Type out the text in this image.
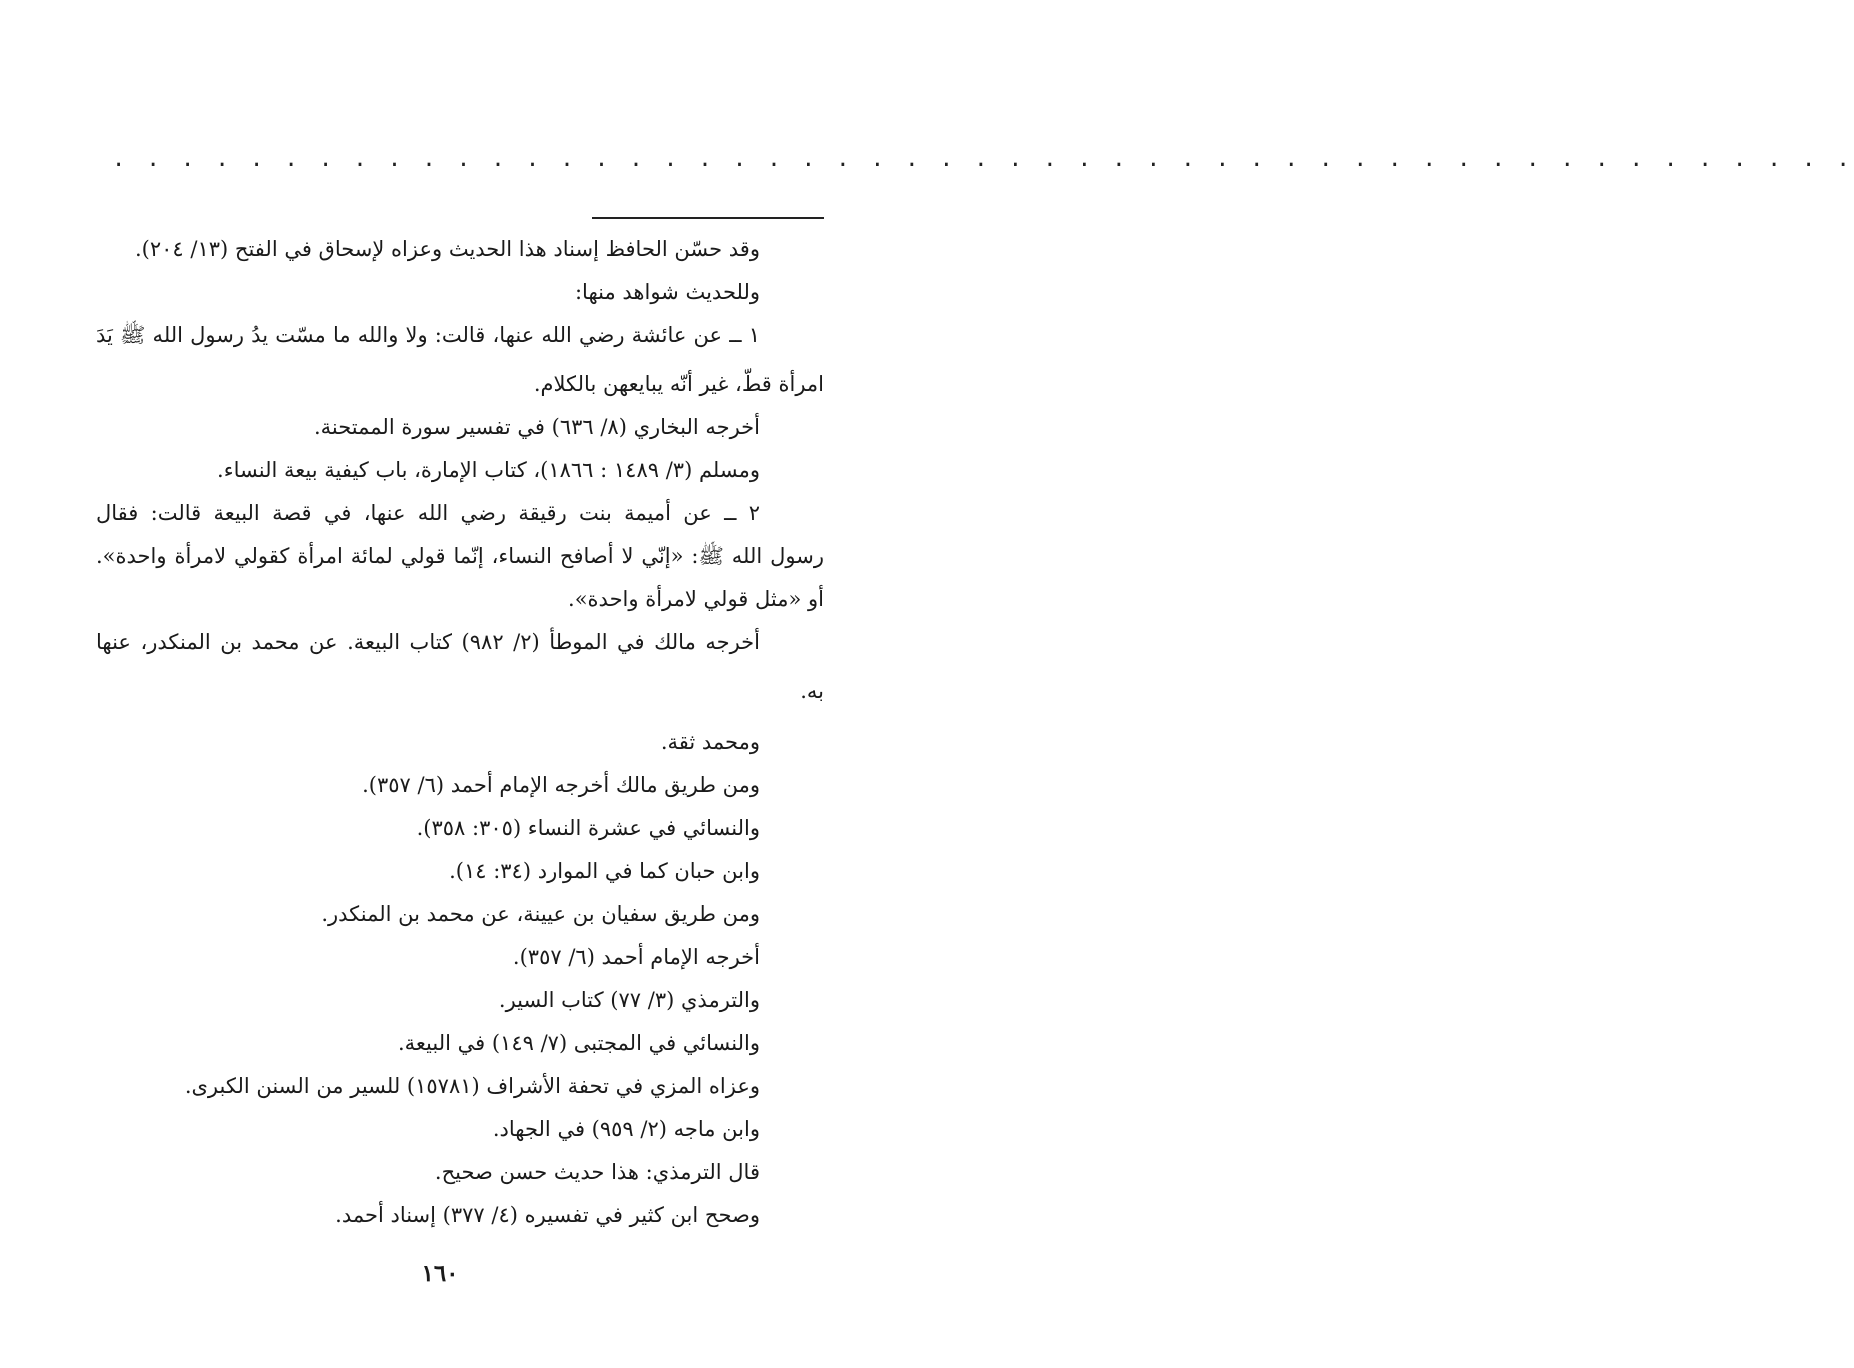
. . . . . . . . . . . . . . . . . . . . . . . . . . . . . . . . . . . . . . . . . . . . . . . . . . .
وقد حسّن الحافظ إسناد هذا الحديث وعزاه لإسحاق في الفتح (١٣/ ٢٠٤).
وللحديث شواهد منها:
١ ــ عن عائشة رضي الله عنها، قالت: ولا والله ما مسّت يدُ رسول الله ﷺ يَدَ
امرأة قطّ، غير أنّه يبايعهن بالكلام.
أخرجه البخاري (٨/ ٦٣٦) في تفسير سورة الممتحنة.
ومسلم (٣/ ١٤٨٩ : ١٨٦٦)، كتاب الإمارة، باب كيفية بيعة النساء.
٢ ــ عن أميمة بنت رقيقة رضي الله عنها، في قصة البيعة قالت: فقال
رسول الله ﷺ: «إنّي لا أصافح النساء، إنّما قولي لمائة امرأة كقولي لامرأة واحدة».
أو «مثل قولي لامرأة واحدة».
أخرجه مالك في الموطأ (٢/ ٩٨٢) كتاب البيعة. عن محمد بن المنكدر، عنها
به.
ومحمد ثقة.
ومن طريق مالك أخرجه الإمام أحمد (٦/ ٣٥٧).
والنسائي في عشرة النساء (٣٠٥: ٣٥٨).
وابن حبان كما في الموارد (٣٤: ١٤).
ومن طريق سفيان بن عيينة، عن محمد بن المنكدر.
أخرجه الإمام أحمد (٦/ ٣٥٧).
والترمذي (٣/ ٧٧) كتاب السير.
والنسائي في المجتبى (٧/ ١٤٩) في البيعة.
وعزاه المزي في تحفة الأشراف (١٥٧٨١) للسير من السنن الكبرى.
وابن ماجه (٢/ ٩٥٩) في الجهاد.
قال الترمذي: هذا حديث حسن صحيح.
وصحح ابن كثير في تفسيره (٤/ ٣٧٧) إسناد أحمد.
١٦٠
